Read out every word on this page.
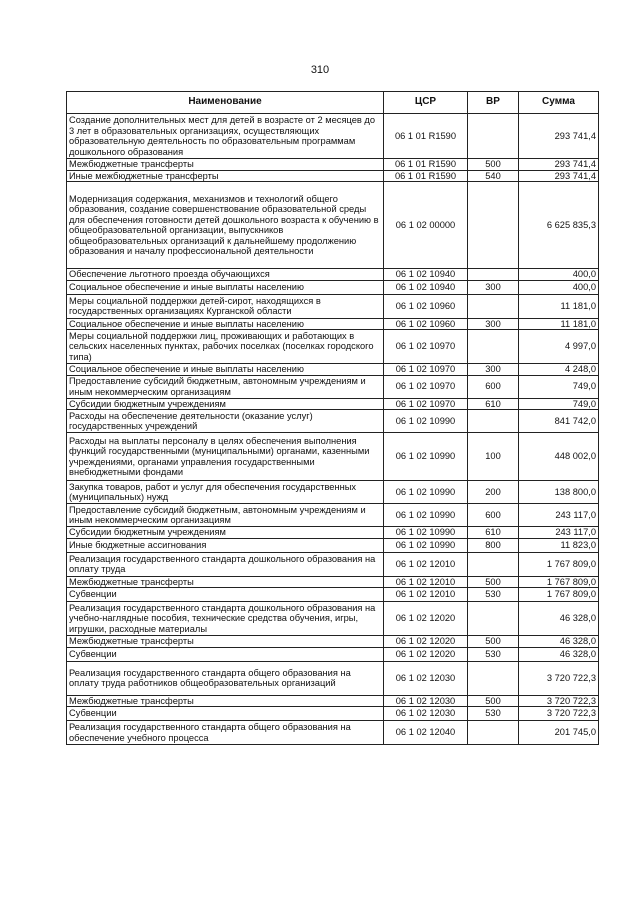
310
Наименование	ЦСР	ВР	Сумма
Создание дополнительных мест для детей в возрасте от 2 месяцев до 3 лет в образовательных организациях, осуществляющих образовательную деятельность по образовательным программам дошкольного образования	06 1 01 R1590		293 741,4
Межбюджетные трансферты	06 1 01 R1590	500	293 741,4
Иные межбюджетные трансферты	06 1 01 R1590	540	293 741,4
Модернизация содержания, механизмов и технологий общего образования, создание совершенствование образовательной среды для обеспечения готовности детей дошкольного возраста к обучению в общеобразовательной организации, выпускников общеобразовательных организаций к дальнейшему продолжению образования и началу профессиональной деятельности	06 1 02 00000		6 625 835,3
Обеспечение льготного проезда обучающихся	06 1 02 10940		400,0
Социальное обеспечение и иные выплаты населению	06 1 02 10940	300	400,0
Меры социальной поддержки детей-сирот, находящихся в государственных организациях Курганской области	06 1 02 10960		11 181,0
Социальное обеспечение и иные выплаты населению	06 1 02 10960	300	11 181,0
Меры социальной поддержки лиц, проживающих и работающих в сельских населенных пунктах, рабочих поселках (поселках городского типа)	06 1 02 10970		4 997,0
Социальное обеспечение и иные выплаты населению	06 1 02 10970	300	4 248,0
Предоставление субсидий бюджетным, автономным учреждениям и иным некоммерческим организациям	06 1 02 10970	600	749,0
Субсидии бюджетным учреждениям	06 1 02 10970	610	749,0
Расходы на обеспечение деятельности (оказание услуг) государственных учреждений	06 1 02 10990		841 742,0
Расходы на выплаты персоналу в целях обеспечения выполнения функций государственными (муниципальными) органами, казенными учреждениями, органами управления государственными внебюджетными фондами	06 1 02 10990	100	448 002,0
Закупка товаров, работ и услуг для обеспечения государственных (муниципальных) нужд	06 1 02 10990	200	138 800,0
Предоставление субсидий бюджетным, автономным учреждениям и иным некоммерческим организациям	06 1 02 10990	600	243 117,0
Субсидии бюджетным учреждениям	06 1 02 10990	610	243 117,0
Иные бюджетные ассигнования	06 1 02 10990	800	11 823,0
Реализация государственного стандарта дошкольного образования на оплату труда	06 1 02 12010		1 767 809,0
Межбюджетные трансферты	06 1 02 12010	500	1 767 809,0
Субвенции	06 1 02 12010	530	1 767 809,0
Реализация государственного стандарта дошкольного образования на учебно-наглядные пособия, технические средства обучения, игры, игрушки, расходные материалы	06 1 02 12020		46 328,0
Межбюджетные трансферты	06 1 02 12020	500	46 328,0
Субвенции	06 1 02 12020	530	46 328,0
Реализация государственного стандарта общего образования на оплату труда работников общеобразовательных организаций	06 1 02 12030		3 720 722,3
Межбюджетные трансферты	06 1 02 12030	500	3 720 722,3
Субвенции	06 1 02 12030	530	3 720 722,3
Реализация государственного стандарта общего образования на обеспечение учебного процесса	06 1 02 12040		201 745,0
